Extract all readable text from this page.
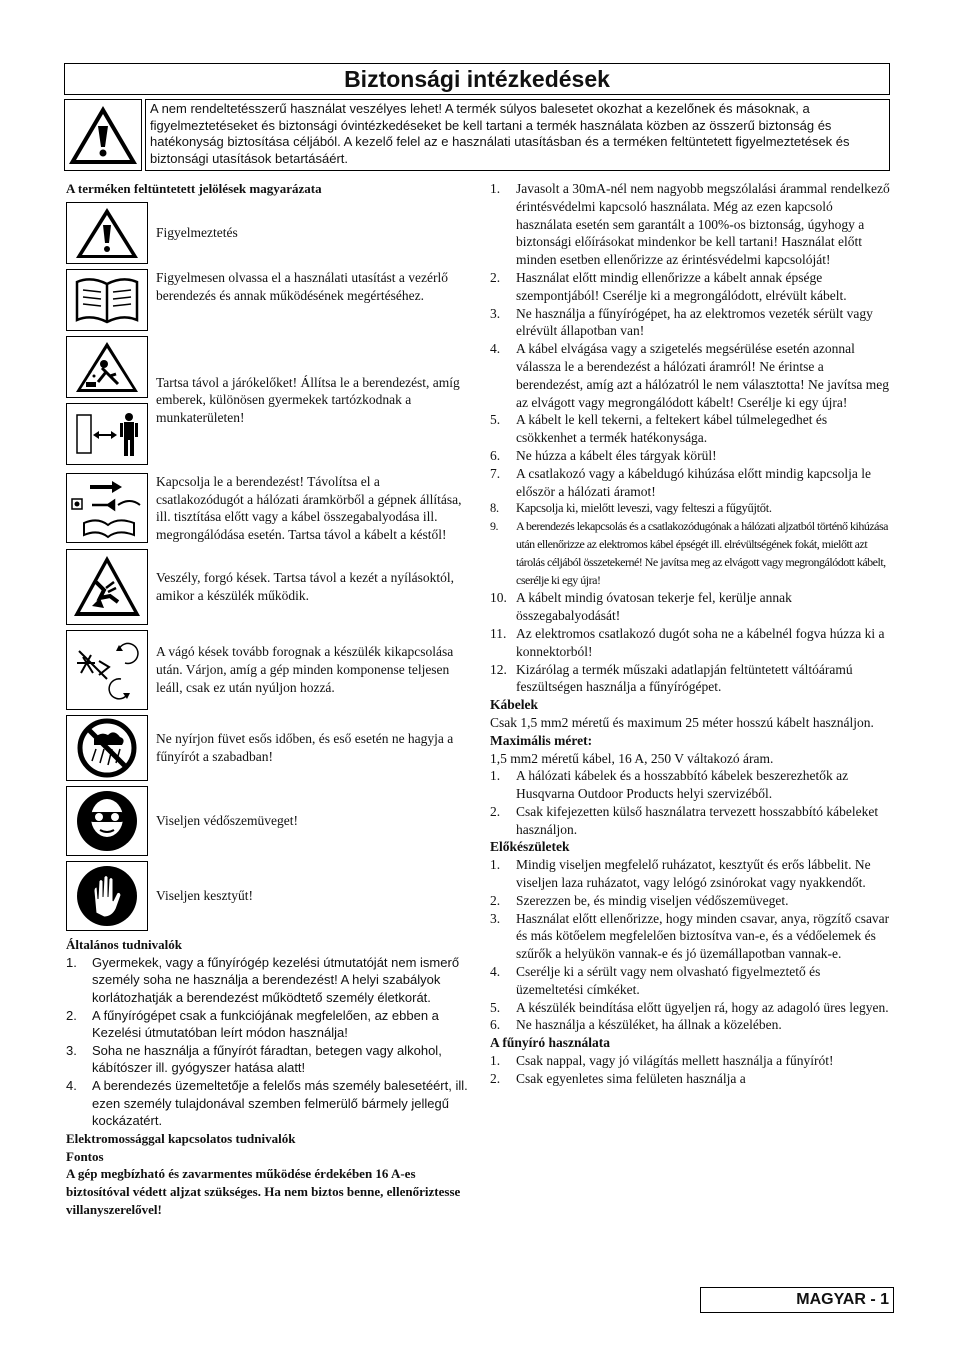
Biztonsági intézkedések
A nem rendeltetésszerű használat veszélyes lehet! A termék súlyos balesetet okozhat a kezelőnek és másoknak, a figyelmeztetéseket és biztonsági óvintézkedéseket be kell tartani a termék használata közben az összerű biztonság és hatékonyság biztosítása céljából. A kezelő felel az e használati utasításban és a terméken feltüntetett figyelmeztetések és biztonsági utasítások betartásáért.

A terméken feltüntetett jelölések magyarázata

Figyelmeztetés
Figyelmesen olvassa el a használati utasítást a vezérlő berendezés és annak működésének megértéséhez.
Tartsa távol a járókelőket! Állítsa le a berendezést, amíg emberek, különösen gyermekek tartózkodnak a munkaterületen!
Kapcsolja le a berendezést! Távolítsa el a csatlakozódugót a hálózati áramkörből a gépnek állítása, ill. tisztítása előtt vagy a kábel összegabalyodása ill. megrongálódása esetén. Tartsa távol a kábelt a késtől!
Veszély, forgó kések. Tartsa távol a kezét a nyílásoktól, amikor a készülék működik.
A vágó kések tovább forognak a készülék kikapcsolása után. Várjon, amíg a gép minden komponense teljesen leáll, csak ez után nyúljon hozzá.
Ne nyírjon füvet esős időben, és eső esetén ne hagyja a fűnyírót a szabadban!
Viseljen védőszemüveget!
Viseljen kesztyűt!

Általános tudnivalók

1. Gyermekek, vagy a fűnyírógép kezelési útmutatóját nem ismerő személy soha ne használja a berendezést! A helyi szabályok korlátozhatják a berendezést működtető személy életkorát.
2. A fűnyírógépet csak a funkciójának megfelelően, az ebben a Kezelési útmutatóban leírt módon használja!
3. Soha ne használja a fűnyírót fáradtan, betegen vagy alkohol, kábítószer ill. gyógyszer hatása alatt!
4. A berendezés üzemeltetője a felelős más személy balesetéért, ill. ezen személy tulajdonával szemben felmerülő bármely jellegű kockázatért.

Elektromossággal kapcsolatos tudnivalók

Fontos

A gép megbízható és zavarmentes működése érdekében 16 A-es biztosítóval védett aljzat szükséges. Ha nem biztos benne, ellenőriztesse villanyszerelővel!

1. Javasolt a 30mA-nél nem nagyobb megszólalási árammal rendelkező érintésvédelmi kapcsoló használata. Még az ezen kapcsoló használata esetén sem garantált a 100%-os biztonság, úgyhogy a biztonsági előírásokat mindenkor be kell tartani! Használat előtt minden esetben ellenőrizze az érintésvédelmi kapcsolóját!
2. Használat előtt mindig ellenőrizze a kábelt annak épsége szempontjából! Cserélje ki a megrongálódott, elrévült kábelt.
3. Ne használja a fűnyírógépet, ha az elektromos vezeték sérült vagy elrévült állapotban van!
4. A kábel elvágása vagy a szigetelés megsérülése esetén azonnal válassza le a berendezést a hálózati áramról! Ne érintse a berendezést, amíg azt a hálózatról le nem választotta! Ne javítsa meg az elvágott vagy megrongálódott kábelt! Cserélje ki egy újra!
5. A kábelt le kell tekerni, a feltekert kábel túlmelegedhet és csökkenhet a termék hatékonysága.
6. Ne húzza a kábelt éles tárgyak körül!
7. A csatlakozó vagy a kábeldugó kihúzása előtt mindig kapcsolja le először a hálózati áramot!
8. Kapcsolja ki, mielőtt leveszi, vagy felteszi a fűgyűjtőt.
9. A berendezés lekapcsolás és a csatlakozódugónak a hálózati aljzatból történő kihúzása után ellenőrizze az elektromos kábel épségét ill. elrévültségének fokát, mielőtt azt tárolás céljából összetekerné! Ne javítsa meg az elvágott vagy megrongálódott kábelt, cserélje ki egy újra!
10. A kábelt mindig óvatosan tekerje fel, kerülje annak összegabalyodását!
11. Az elektromos csatlakozó dugót soha ne a kábelnél fogva húzza ki a konnektorból!
12. Kizárólag a termék műszaki adatlapján feltüntetett váltóáramú feszültségen használja a fűnyírógépet.

Kábelek

Csak 1,5 mm2 méretű és maximum 25 méter hosszú kábelt használjon.

Maximális méret:

1,5 mm2 méretű kábel, 16 A, 250 V váltakozó áram.

1. A hálózati kábelek és a hosszabbító kábelek beszerezhetők az Husqvarna Outdoor Products helyi szervizéből.
2. Csak kifejezetten külső használatra tervezett hosszabbító kábeleket használjon.

Előkészületek

1. Mindig viseljen megfelelő ruházatot, kesztyűt és erős lábbelit. Ne viseljen laza ruházatot, vagy lelógó zsinórokat vagy nyakkendőt.
2. Szerezzen be, és mindig viseljen védőszemüveget.
3. Használat előtt ellenőrizze, hogy minden csavar, anya, rögzítő csavar és más kötőelem megfelelően biztosítva van-e, és a védőelemek és szűrők a helyükön vannak-e és jó üzemállapotban vannak-e.
4. Cserélje ki a sérült vagy nem olvasható figyelmeztető és üzemeltetési címkéket.
5. A készülék beindítása előtt ügyeljen rá, hogy az adagoló üres legyen.
6. Ne használja a készüléket, ha állnak a közelében.

A fűnyíró használata

1. Csak nappal, vagy jó világítás mellett használja a fűnyírót!
2. Csak egyenletes sima felületen használja a
MAGYAR - 1
